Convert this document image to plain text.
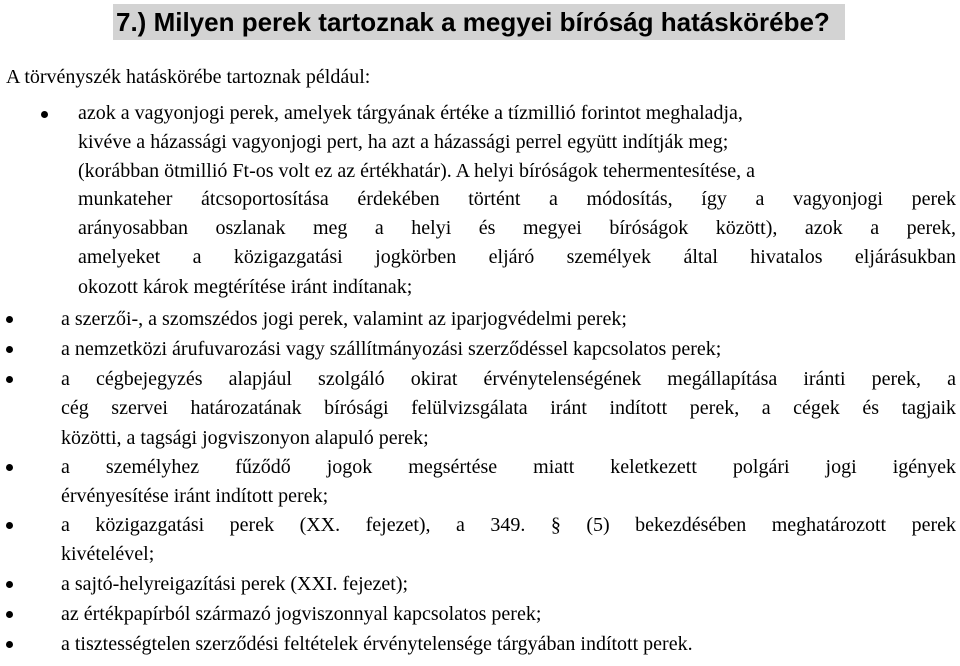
7.) Milyen perek tartoznak a megyei bíróság hatáskörébe?

A törvényszék hatáskörébe tartoznak például:

azok a vagyonjogi perek, amelyek tárgyának értéke a tízmillió forintot meghaladja,

kivéve a házassági vagyonjogi pert, ha azt a házassági perrel együtt indítják meg;

(korábban ötmillió Ft-os volt ez az értékhatár). A helyi bíróságok tehermentesítése, a

munkateher átcsoportosítása érdekében történt a módosítás, így a vagyonjogi perek

arányosabban oszlanak meg a helyi és megyei bíróságok között), azok a perek,

amelyeket a közigazgatási jogkörben eljáró személyek által hivatalos eljárásukban

okozott károk megtérítése iránt indítanak;

a szerzői-, a szomszédos jogi perek, valamint az iparjogvédelmi perek;

a nemzetközi árufuvarozási vagy szállítmányozási szerződéssel kapcsolatos perek;

a cégbejegyzés alapjául szolgáló okirat érvénytelenségének megállapítása iránti perek, a

cég szervei határozatának bírósági felülvizsgálata iránt indított perek, a cégek és tagjaik

közötti, a tagsági jogviszonyon alapuló perek;

a személyhez fűződő jogok megsértése miatt keletkezett polgári jogi igények

érvényesítése iránt indított perek;

a közigazgatási perek (XX. fejezet), a 349. § (5) bekezdésében meghatározott perek

kivételével;

a sajtó-helyreigazítási perek (XXI. fejezet);

az értékpapírból származó jogviszonnyal kapcsolatos perek;

a tisztességtelen szerződési feltételek érvénytelensége tárgyában indított perek.
